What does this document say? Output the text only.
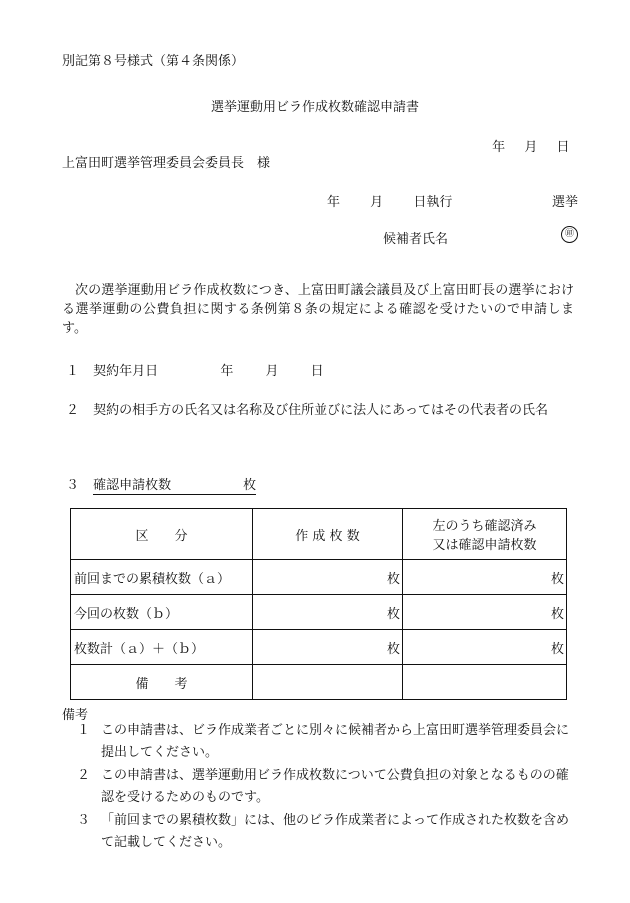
別記第８号様式（第４条関係）
選挙運動用ビラ作成枚数確認申請書
年 月 日
上富田町選挙管理委員会委員長　様
年 月 日執行	選挙
候補者氏名	㊞
次の選挙運動用ビラ作成枚数につき、上富田町議会議員及び上富田町長の選挙における選挙運動の公費負担に関する条例第８条の規定による確認を受けたいので申請します。
１ 契約年月日	年 月 日
２ 契約の相手方の氏名又は名称及び住所並びに法人にあってはその代表者の氏名
３ 確認申請枚数	枚
区　　分	作 成 枚 数	左のうち確認済み
又は確認申請枚数

前回までの累積枚数（ａ）	枚	枚
今回の枚数（ｂ）	枚	枚
枚数計（ａ）＋（ｂ）	枚	枚
備　　考		
備考
１ この申請書は、ビラ作成業者ごとに別々に候補者から上富田町選挙管理委員会に提出してください。
２ この申請書は、選挙運動用ビラ作成枚数について公費負担の対象となるものの確認を受けるためのものです。
３ 「前回までの累積枚数」には、他のビラ作成業者によって作成された枚数を含めて記載してください。
